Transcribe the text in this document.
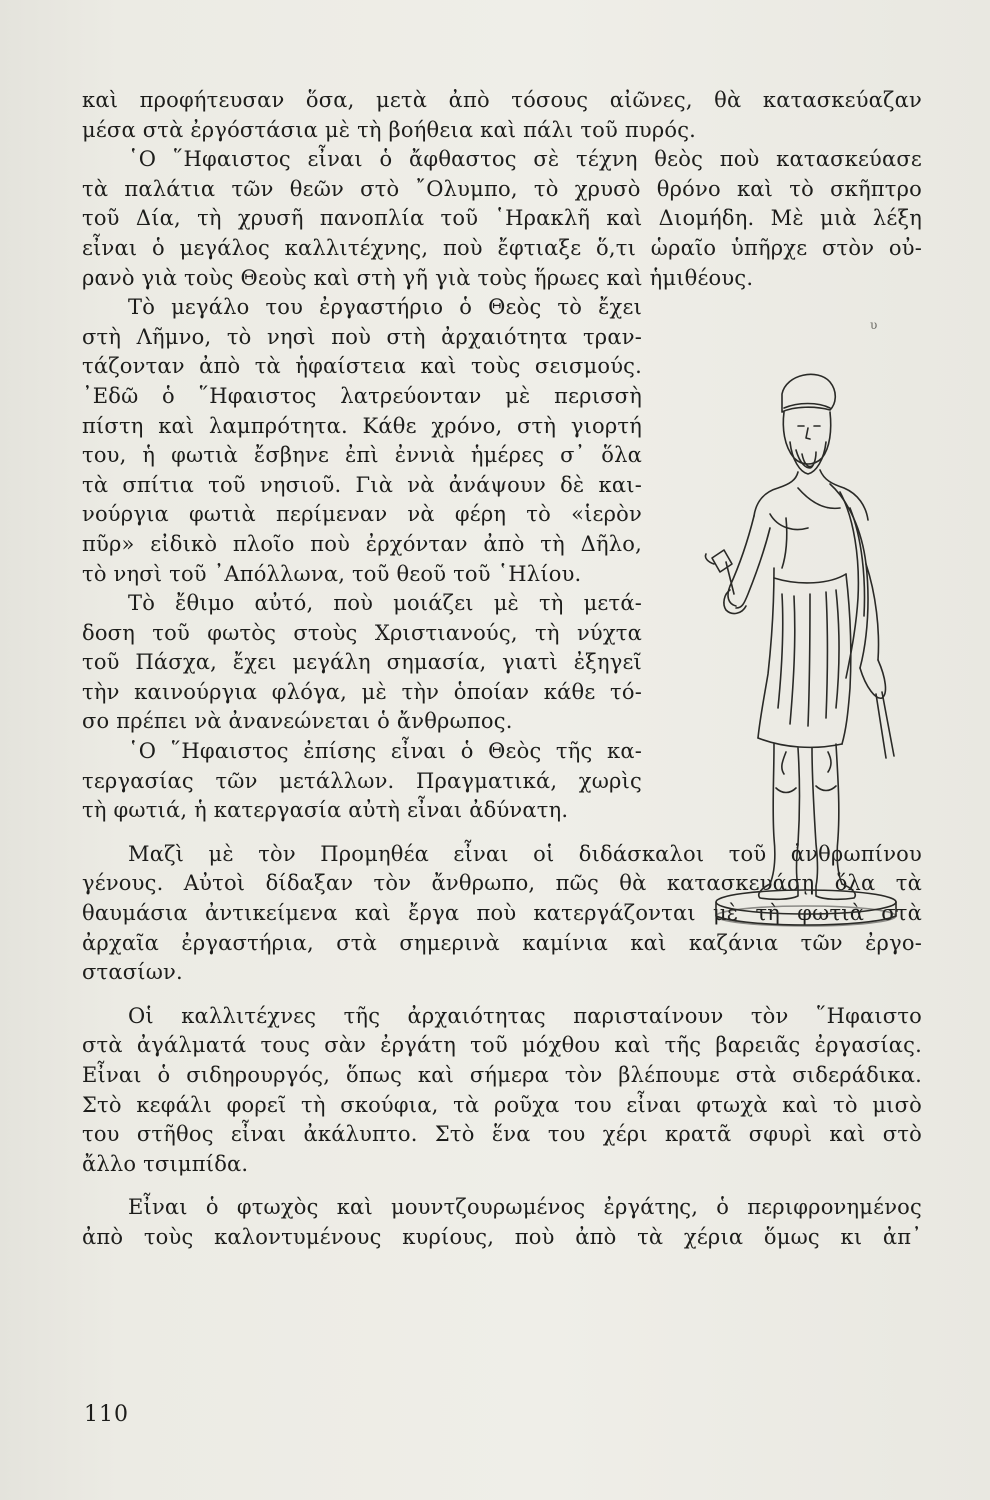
καὶ προφήτευσαν ὅσα, μετὰ ἀπὸ τόσους αἰῶνες, θὰ κατασκεύαζαν
μέσα στὰ ἐργόστάσια μὲ τὴ βοήθεια καὶ πάλι τοῦ πυρός.
῾Ο ῞Ηφαιστος εἶναι ὁ ἄφθαστος σὲ τέχνη θεὸς ποὺ κατασκεύασε
τὰ παλάτια τῶν θεῶν στὸ ῎Ολυμπο, τὸ χρυσὸ θρόνο καὶ τὸ σκῆπτρο
τοῦ Δία, τὴ χρυσῆ πανοπλία τοῦ ῾Ηρακλῆ καὶ Διομήδη. Μὲ μιὰ λέξη
εἶναι ὁ μεγάλος καλλιτέχνης, ποὺ ἔφτιαξε ὅ,τι ὡραῖο ὑπῆρχε στὸν οὐ-
ρανὸ γιὰ τοὺς Θεοὺς καὶ στὴ γῆ γιὰ τοὺς ἥρωες καὶ ἡμιθέους.
Τὸ μεγάλο του ἐργαστήριο ὁ Θεὸς τὸ ἔχει
στὴ Λῆμνο, τὸ νησὶ ποὺ στὴ ἀρχαιότητα τραν-
τάζονταν ἀπὸ τὰ ἡφαίστεια καὶ τοὺς σεισμούς.
᾿Εδῶ ὁ ῞Ηφαιστος λατρεύονταν μὲ περισσὴ
πίστη καὶ λαμπρότητα. Κάθε χρόνο, στὴ γιορτή
του, ἡ φωτιὰ ἔσβηνε ἐπὶ ἐννιὰ ἡμέρες σ᾿ ὅλα
τὰ σπίτια τοῦ νησιοῦ. Γιὰ νὰ ἀνάψουν δὲ και-
νούργια φωτιὰ περίμεναν νὰ φέρη τὸ «ἱερὸν
πῦρ» εἰδικὸ πλοῖο ποὺ ἐρχόνταν ἀπὸ τὴ Δῆλο,
τὸ νησὶ τοῦ ᾿Απόλλωνα, τοῦ θεοῦ τοῦ ῾Ηλίου.
Τὸ ἔθιμο αὐτό, ποὺ μοιάζει μὲ τὴ μετά-
δοση τοῦ φωτὸς στοὺς Χριστιανούς, τὴ νύχτα
τοῦ Πάσχα, ἔχει μεγάλη σημασία, γιατὶ ἐξηγεῖ
τὴν καινούργια φλόγα, μὲ τὴν ὁποίαν κάθε τό-
σο πρέπει νὰ ἀνανεώνεται ὁ ἄνθρωπος.
῾Ο ῞Ηφαιστος ἐπίσης εἶναι ὁ Θεὸς τῆς κα-
τεργασίας τῶν μετάλλων. Πραγματικά, χωρὶς
τὴ φωτιά, ἡ κατεργασία αὐτὴ εἶναι ἀδύνατη.
Μαζὶ μὲ τὸν Προμηθέα εἶναι οἱ διδάσκαλοι τοῦ ἀνθρωπίνου
γένους. Αὐτοὶ δίδαξαν τὸν ἄνθρωπο, πῶς θὰ κατασκευάσῃ ὅλα τὰ
θαυμάσια ἀντικείμενα καὶ ἔργα ποὺ κατεργάζονται μὲ τὴ φωτιὰ στὰ
ἀρχαῖα ἐργαστήρια, στὰ σημερινὰ καμίνια καὶ καζάνια τῶν ἐργο-
στασίων.
Οἱ καλλιτέχνες τῆς ἀρχαιότητας παρισταίνουν τὸν ῞Ηφαιστο
στὰ ἀγάλματά τους σὰν ἐργάτη τοῦ μόχθου καὶ τῆς βαρειᾶς ἐργασίας.
Εἶναι ὁ σιδηρουργός, ὅπως καὶ σήμερα τὸν βλέπουμε στὰ σιδεράδικα.
Στὸ κεφάλι φορεῖ τὴ σκούφια, τὰ ροῦχα του εἶναι φτωχὰ καὶ τὸ μισὸ
του στῆθος εἶναι ἀκάλυπτο. Στὸ ἕνα του χέρι κρατᾶ σφυρὶ καὶ στὸ
ἄλλο τσιμπίδα.
Εἶναι ὁ φτωχὸς καὶ μουντζουρωμένος ἐργάτης, ὁ περιφρονημένος
ἀπὸ τοὺς καλοντυμένους κυρίους, ποὺ ἀπὸ τὰ χέρια ὅμως κι ἀπ᾿
υ
110
